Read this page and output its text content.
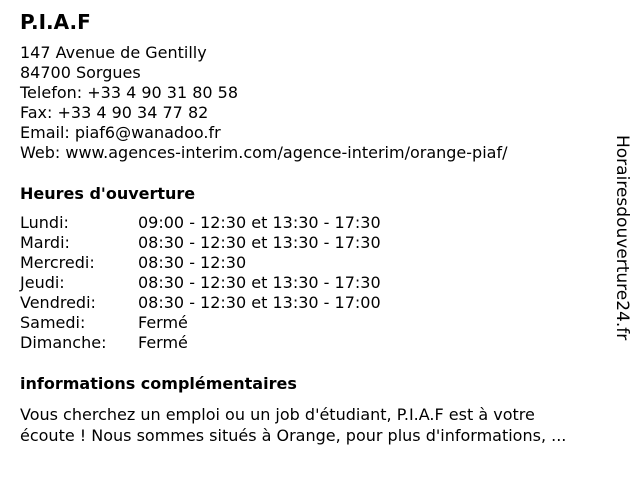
P.I.A.F
147 Avenue de Gentilly
84700 Sorgues
Telefon: +33 4 90 31 80 58
Fax: +33 4 90 34 77 82
Email: piaf6@wanadoo.fr
Web: www.agences-interim.com/agence-interim/orange-piaf/
Heures d'ouverture
Lundi:	09:00 - 12:30 et 13:30 - 17:30
Mardi:	08:30 - 12:30 et 13:30 - 17:30
Mercredi:	08:30 - 12:30
Jeudi:	08:30 - 12:30 et 13:30 - 17:30
Vendredi:	08:30 - 12:30 et 13:30 - 17:00
Samedi:	Fermé
Dimanche: Fermé
informations complémentaires
Vous cherchez un emploi ou un job d'étudiant, P.I.A.F est à votre
écoute ! Nous sommes situés à Orange, pour plus d'informations, ...
Horairesdouverture24.fr
